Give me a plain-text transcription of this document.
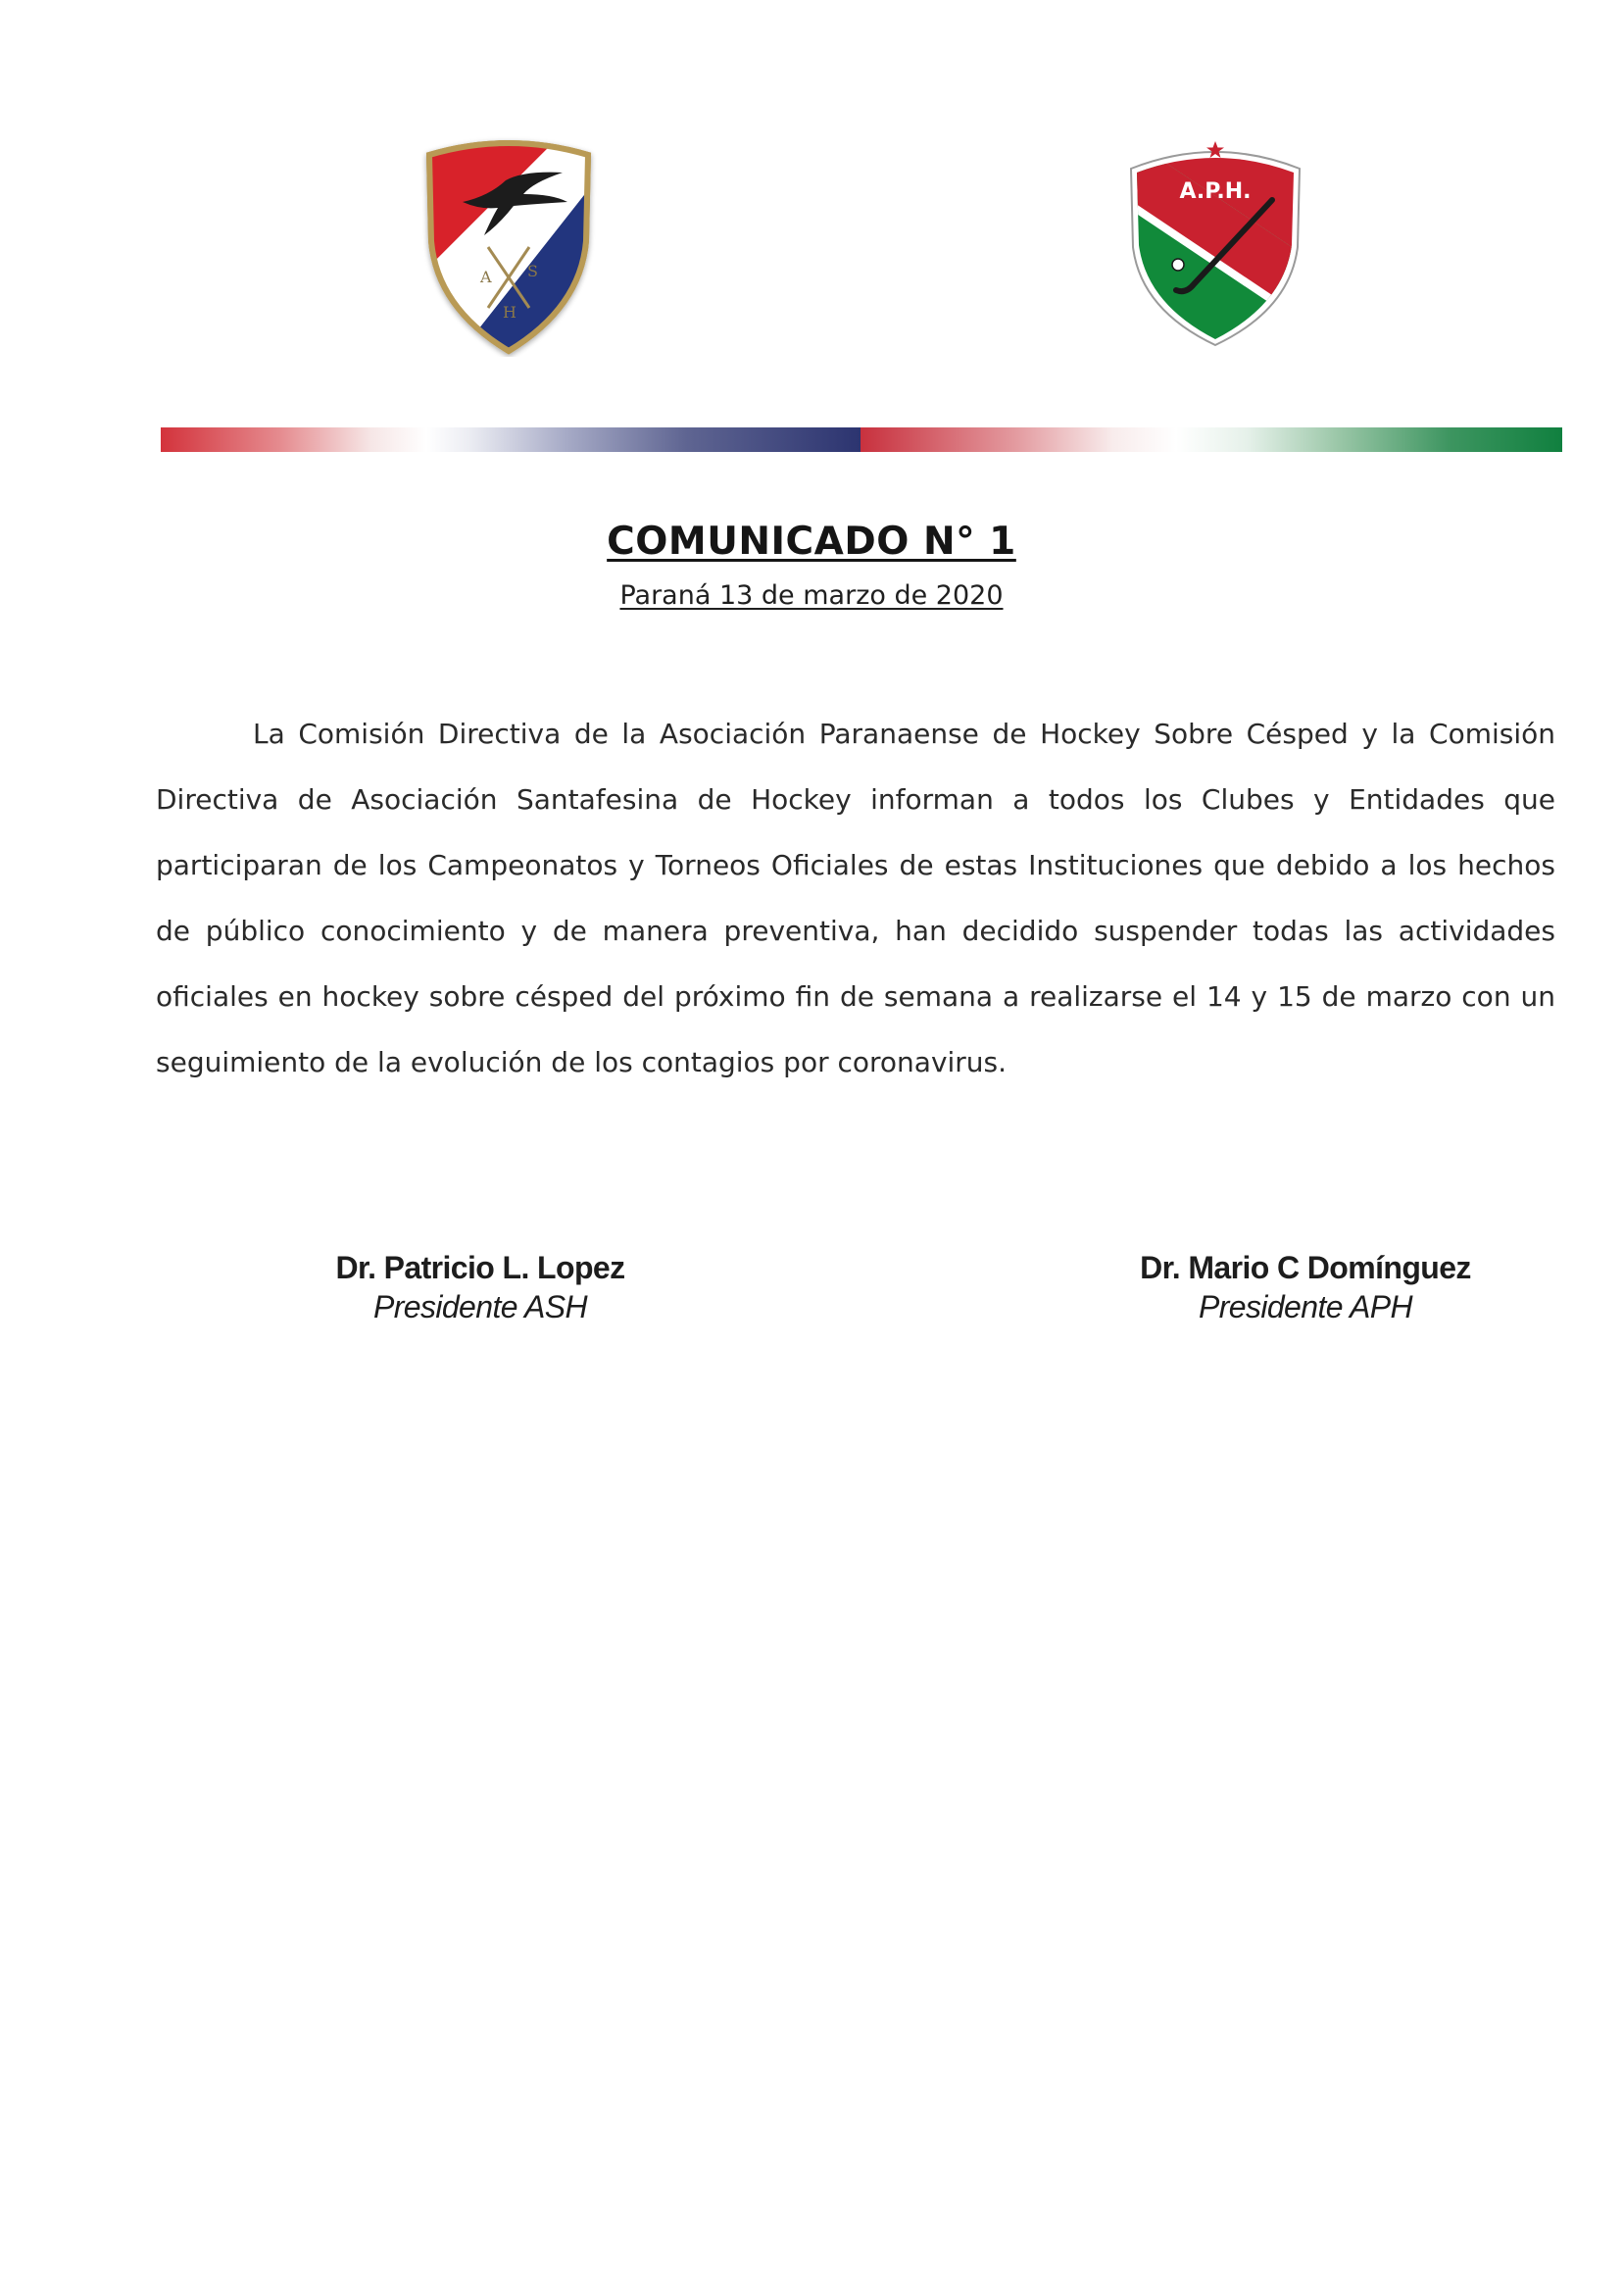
A S
H
A.P.H.
COMUNICADO N° 1

Paraná 13 de marzo de 2020

La Comisión Directiva de la Asociación Paranaense de Hockey Sobre Césped y la Comisión Directiva de Asociación Santafesina de Hockey informan a todos los Clubes y Entidades que participaran de los Campeonatos y Torneos Oficiales de estas Instituciones que debido a los hechos de público conocimiento y de manera preventiva, han decidido suspender todas las actividades oficiales en hockey sobre césped del próximo fin de semana a realizarse el 14 y 15 de marzo con un seguimiento de la evolución de los contagios por coronavirus.

Dr. Patricio L. Lopez
Presidente ASH
Dr. Mario C Domínguez
Presidente APH
